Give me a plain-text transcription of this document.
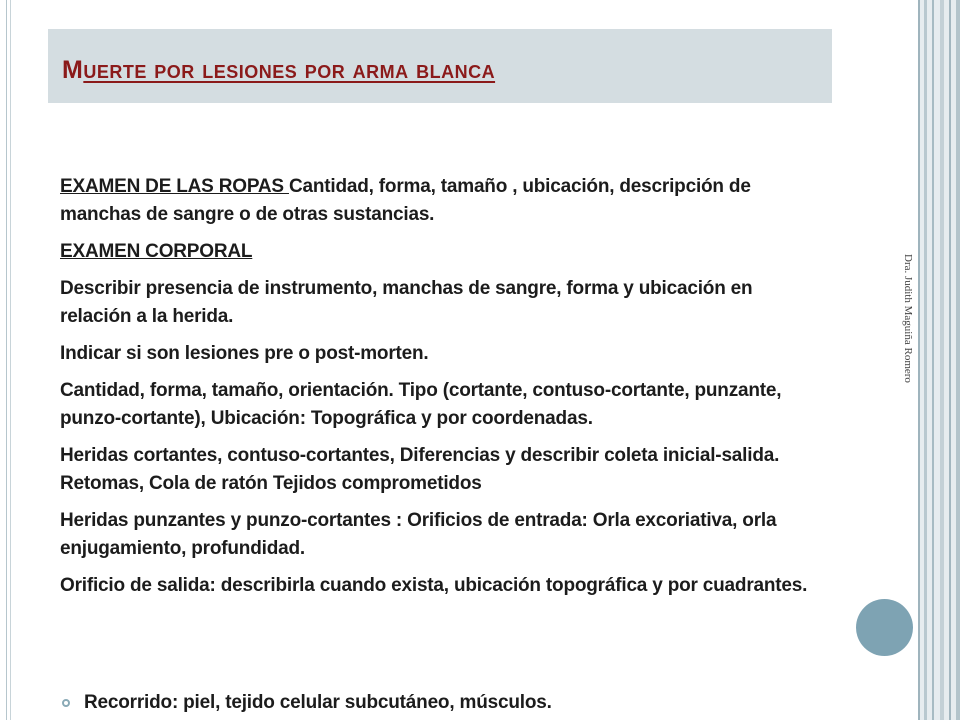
Muerte por lesiones por arma blanca

EXAMEN DE LAS ROPAS Cantidad, forma, tamaño , ubicación, descripción de manchas de sangre o de otras sustancias.

EXAMEN CORPORAL

Describir presencia de instrumento, manchas de sangre, forma y ubicación en relación a la herida.

Indicar si son lesiones pre o post-morten.

Cantidad, forma, tamaño, orientación. Tipo (cortante, contuso-cortante, punzante, punzo-cortante), Ubicación: Topográfica y por coordenadas.

Heridas cortantes, contuso-cortantes, Diferencias y describir coleta inicial-salida. Retomas, Cola de ratón Tejidos comprometidos

Heridas punzantes y punzo-cortantes : Orificios de entrada: Orla excoriativa, orla enjugamiento, profundidad.

Orificio de salida: describirla cuando exista, ubicación topográfica y por cuadrantes.

Recorrido: piel, tejido celular subcutáneo, músculos.
Dra. Judith Maguiña Romero
